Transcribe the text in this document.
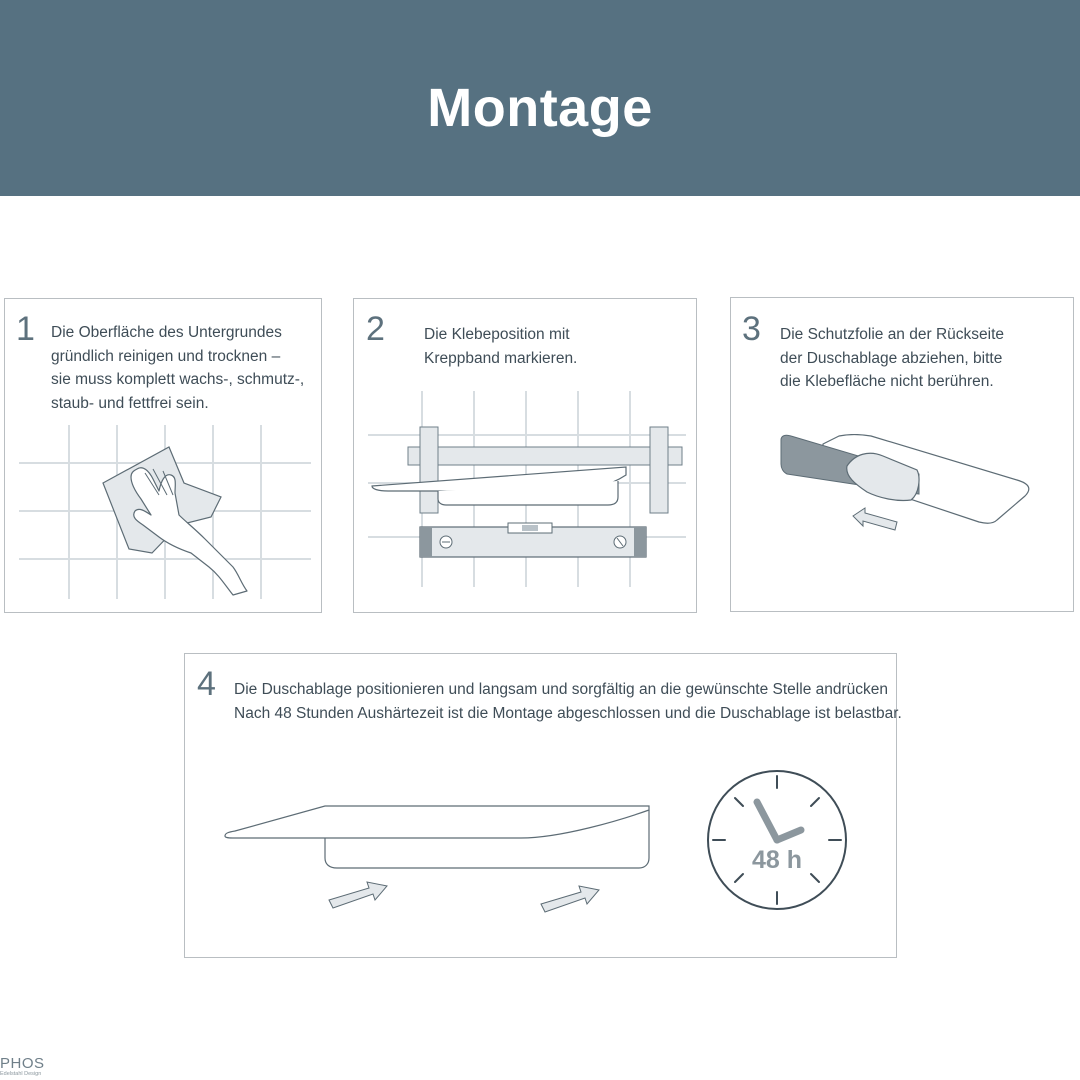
Montage
1 Die Oberfläche des Untergrundes
gründlich reinigen und trocknen –
sie muss komplett wachs-, schmutz-,
staub- und fettfrei sein.
2	Die Klebeposition mit
Kreppband markieren.
3 Die Schutzfolie an der Rückseite
der Duschablage abziehen, bitte
die Klebefläche nicht berühren.
4 Die Duschablage positionieren und langsam und sorgfältig an die gewünschte Stelle andrücken
Nach 48 Stunden Aushärtezeit ist die Montage abgeschlossen und die Duschablage ist belastbar.
48 h
PHOS
Edelstahl Design
